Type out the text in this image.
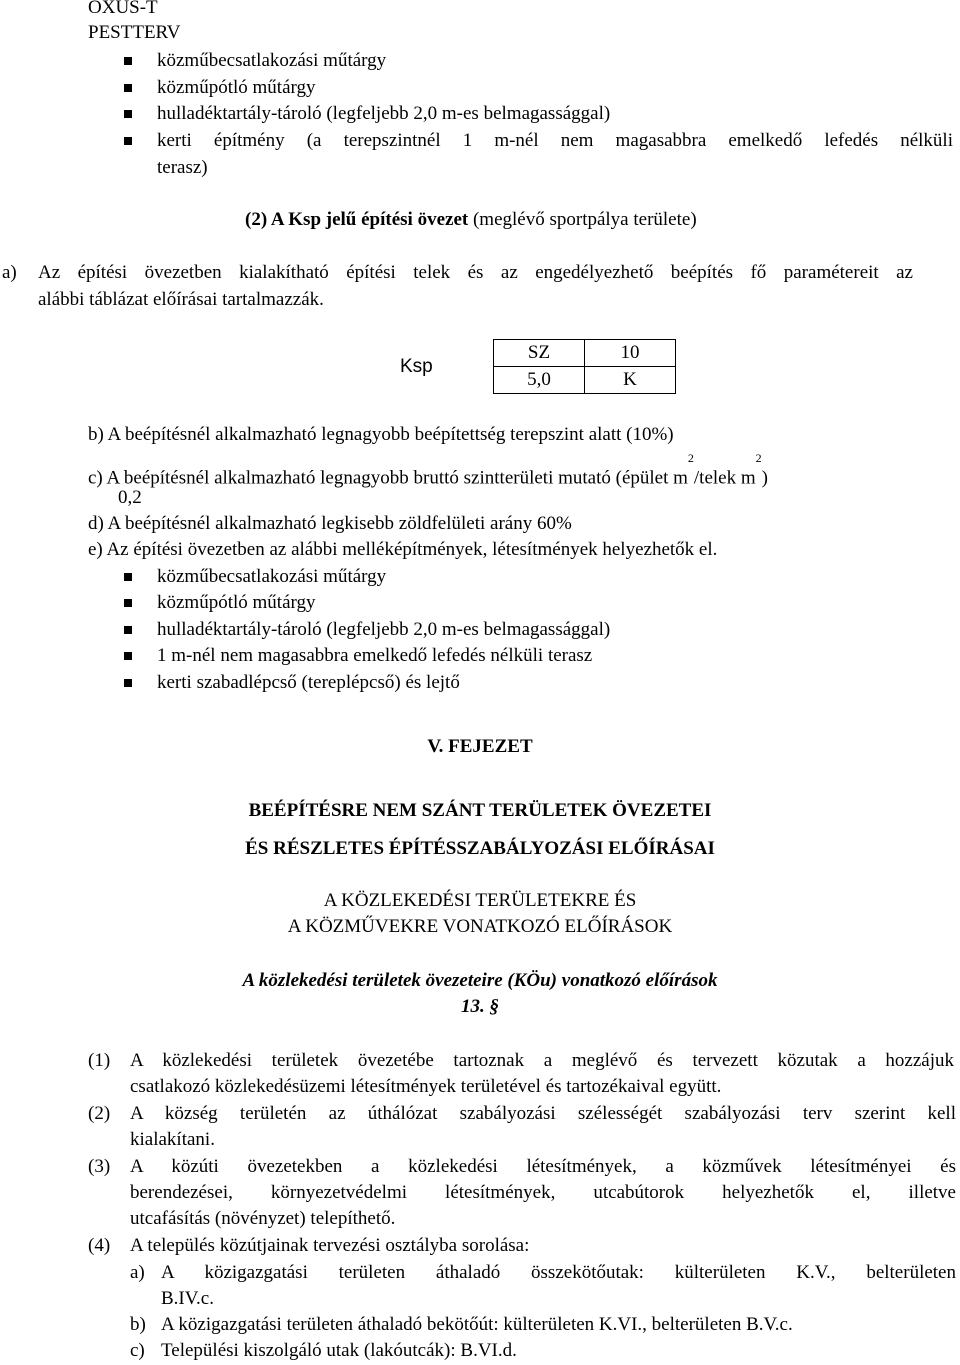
OXUS-T
PESTTERV
közműbecsatlakozási műtárgy
közműpótló műtárgy
hulladéktartály-tároló (legfeljebb 2,0 m-es belmagassággal)
kerti építmény (a terepszintnél 1 m-nél nem magasabbra emelkedő lefedés nélküli
terasz)
(2) A Ksp jelű építési övezet (meglévő sportpálya területe)
a) Az építési övezetben kialakítható építési telek és az engedélyezhető beépítés fő paramétereit az
alábbi táblázat előírásai tartalmazzák.
Ksp
SZ	10
5,0	K
b) A beépítésnél alkalmazható legnagyobb beépítettség terepszint alatt (10%)
c) A beépítésnél alkalmazható legnagyobb bruttó szintterületi mutató (épület $m^2$/telek $m^2$)
0,2
d) A beépítésnél alkalmazható legkisebb zöldfelületi arány 60%
e) Az építési övezetben az alábbi melléképítmények, létesítmények helyezhetők el.
közműbecsatlakozási műtárgy
közműpótló műtárgy
hulladéktartály-tároló (legfeljebb 2,0 m-es belmagassággal)
1 m-nél nem magasabbra emelkedő lefedés nélküli terasz
kerti szabadlépcső (tereplépcső) és lejtő
V. FEJEZET
BEÉPÍTÉSRE NEM SZÁNT TERÜLETEK ÖVEZETEI
ÉS RÉSZLETES ÉPÍTÉSSZABÁLYOZÁSI ELŐÍRÁSAI
A KÖZLEKEDÉSI TERÜLETEKRE ÉS
A KÖZMŰVEKRE VONATKOZÓ ELŐÍRÁSOK
A közlekedési területek övezeteire (KÖu) vonatkozó előírások
13. §
(1) A közlekedési területek övezetébe tartoznak a meglévő és tervezett közutak a hozzájuk
csatlakozó közlekedésüzemi létesítmények területével és tartozékaival együtt.
(2) A község területén az úthálózat szabályozási szélességét szabályozási terv szerint kell
kialakítani.
(3) A közúti övezetekben a közlekedési létesítmények, a közművek létesítményei és
berendezései, környezetvédelmi létesítmények, utcabútorok helyezhetők el, illetve
utcafásítás (növényzet) telepíthető.
(4) A település közútjainak tervezési osztályba sorolása:
a) A közigazgatási területen áthaladó összekötőutak: külterületen K.V., belterületen
B.IV.c.
b) A közigazgatási területen áthaladó bekötőút: külterületen K.VI., belterületen B.V.c.
c) Települési kiszolgáló utak (lakóutcák): B.VI.d.
